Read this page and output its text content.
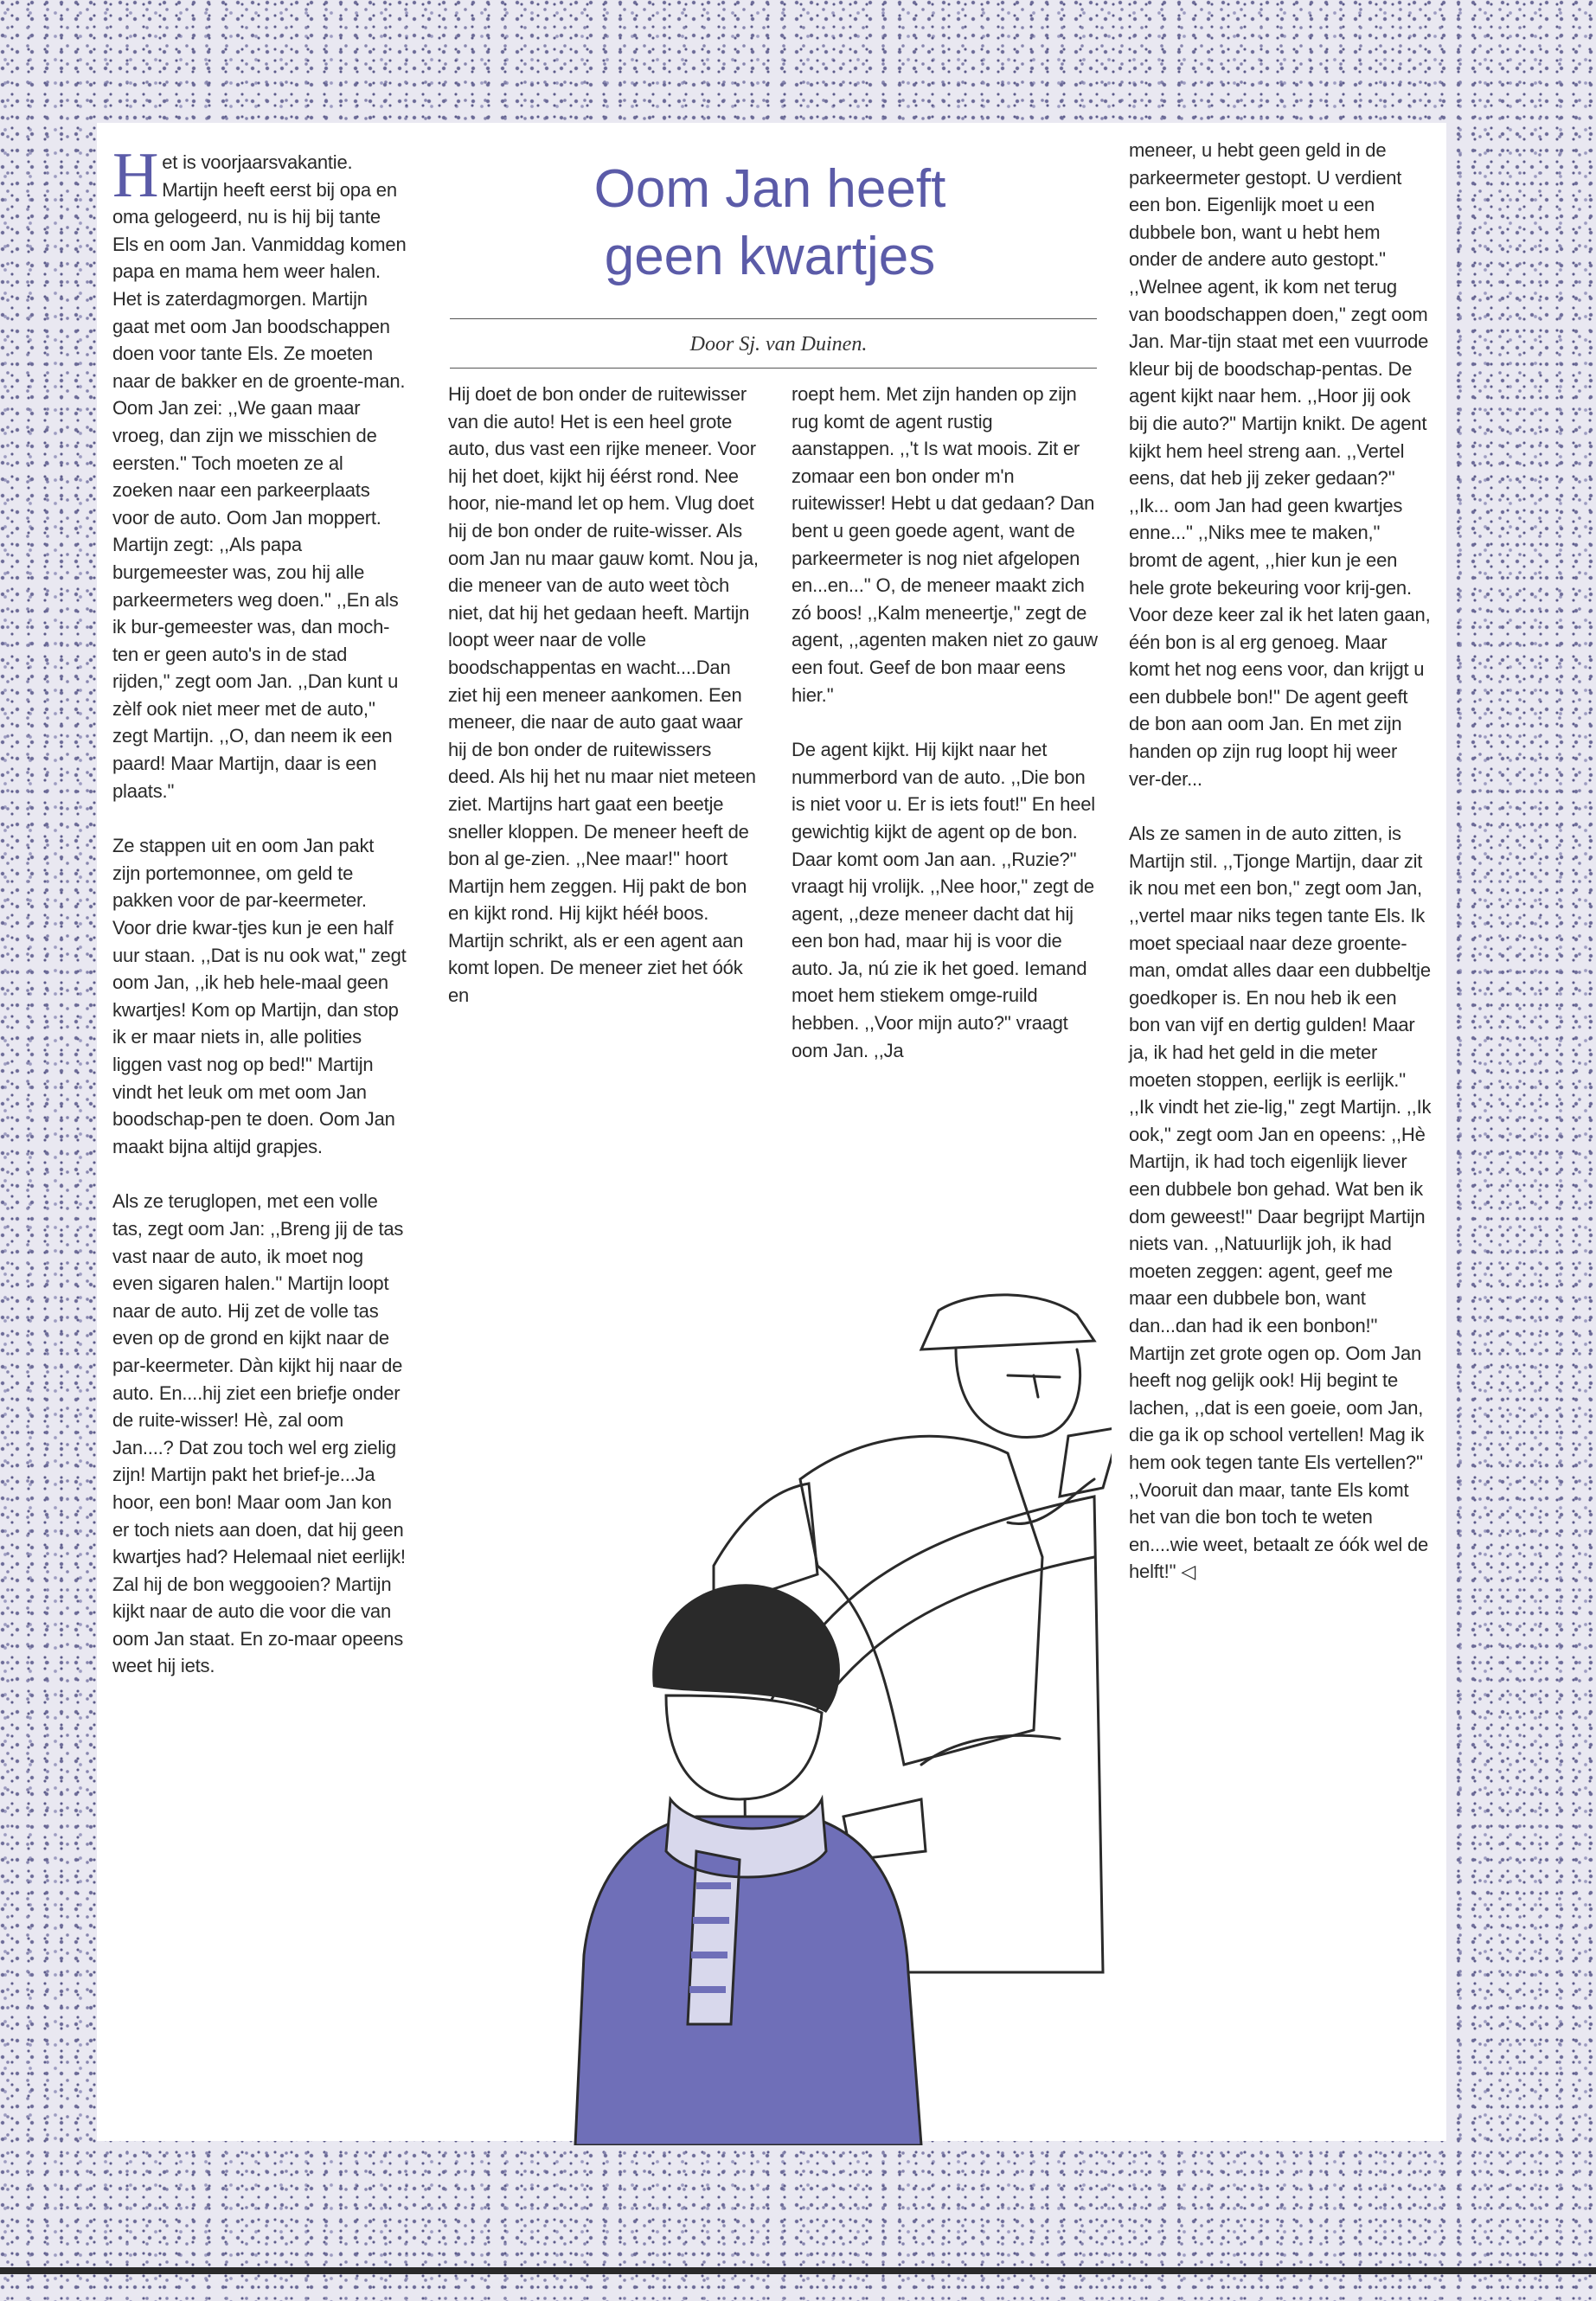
Het is voorjaarsvakantie. Martijn heeft eerst bij opa en oma gelogeerd, nu is hij bij tante Els en oom Jan. Vanmiddag komen papa en mama hem weer halen. Het is zaterdagmorgen. Martijn gaat met oom Jan boodschappen doen voor tante Els. Ze moeten naar de bakker en de groente-man. Oom Jan zei: ,,We gaan maar vroeg, dan zijn we misschien de eersten.'' Toch moeten ze al zoeken naar een parkeerplaats voor de auto. Oom Jan moppert. Martijn zegt: ,,Als papa burgemeester was, zou hij alle parkeermeters weg doen.'' ,,En als ik bur-gemeester was, dan moch-ten er geen auto's in de stad rijden,'' zegt oom Jan. ,,Dan kunt u zèlf ook niet meer met de auto,'' zegt Martijn. ,,O, dan neem ik een paard! Maar Martijn, daar is een plaats.''

Ze stappen uit en oom Jan pakt zijn portemonnee, om geld te pakken voor de par-keermeter. Voor drie kwar-tjes kun je een half uur staan. ,,Dat is nu ook wat,'' zegt oom Jan, ,,ik heb hele-maal geen kwartjes! Kom op Martijn, dan stop ik er maar niets in, alle polities liggen vast nog op bed!'' Martijn vindt het leuk om met oom Jan boodschap-pen te doen. Oom Jan maakt bijna altijd grapjes.

Als ze teruglopen, met een volle tas, zegt oom Jan: ,,Breng jij de tas vast naar de auto, ik moet nog even sigaren halen.'' Martijn loopt naar de auto. Hij zet de volle tas even op de grond en kijkt naar de par-keermeter. Dàn kijkt hij naar de auto. En....hij ziet een briefje onder de ruite-wisser! Hè, zal oom Jan....? Dat zou toch wel erg zielig zijn! Martijn pakt het brief-je...Ja hoor, een bon! Maar oom Jan kon er toch niets aan doen, dat hij geen kwartjes had? Helemaal niet eerlijk! Zal hij de bon weggooien? Martijn kijkt naar de auto die voor die van oom Jan staat. En zo-maar opeens weet hij iets.

Oom Jan heeft
geen kwartjes
Door Sj. van Duinen.

Hij doet de bon onder de ruitewisser van die auto! Het is een heel grote auto, dus vast een rijke meneer. Voor hij het doet, kijkt hij éérst rond. Nee hoor, nie-mand let op hem. Vlug doet hij de bon onder de ruite-wisser. Als oom Jan nu maar gauw komt. Nou ja, die meneer van de auto weet tòch niet, dat hij het gedaan heeft. Martijn loopt weer naar de volle boodschappentas en wacht....Dan ziet hij een meneer aankomen. Een meneer, die naar de auto gaat waar hij de bon onder de ruitewissers deed. Als hij het nu maar niet meteen ziet. Martijns hart gaat een beetje sneller kloppen. De meneer heeft de bon al ge-zien. ,,Nee maar!'' hoort Martijn hem zeggen. Hij pakt de bon en kijkt rond. Hij kijkt hééł boos. Martijn schrikt, als er een agent aan komt lopen. De meneer ziet het óók en

roept hem. Met zijn handen op zijn rug komt de agent rustig aanstappen. ,,'t Is wat moois. Zit er zomaar een bon onder m'n ruitewisser! Hebt u dat gedaan? Dan bent u geen goede agent, want de parkeermeter is nog niet afgelopen en...en...'' O, de meneer maakt zich zó boos! ,,Kalm meneertje,'' zegt de agent, ,,agenten maken niet zo gauw een fout. Geef de bon maar eens hier.''

De agent kijkt. Hij kijkt naar het nummerbord van de auto. ,,Die bon is niet voor u. Er is iets fout!'' En heel gewichtig kijkt de agent op de bon. Daar komt oom Jan aan. ,,Ruzie?'' vraagt hij vrolijk. ,,Nee hoor,'' zegt de agent, ,,deze meneer dacht dat hij een bon had, maar hij is voor die auto. Ja, nú zie ik het goed. Iemand moet hem stiekem omge-ruild hebben. ,,Voor mijn auto?'' vraagt oom Jan. ,,Ja

meneer, u hebt geen geld in de parkeermeter gestopt. U verdient een bon. Eigenlijk moet u een dubbele bon, want u hebt hem onder de andere auto gestopt.'' ,,Welnee agent, ik kom net terug van boodschappen doen,'' zegt oom Jan. Mar-tijn staat met een vuurrode kleur bij de boodschap-pentas. De agent kijkt naar hem. ,,Hoor jij ook bij die auto?'' Martijn knikt. De agent kijkt hem heel streng aan. ,,Vertel eens, dat heb jij zeker gedaan?'' ,,Ik... oom Jan had geen kwartjes enne...'' ,,Niks mee te maken,'' bromt de agent, ,,hier kun je een hele grote bekeuring voor krij-gen. Voor deze keer zal ik het laten gaan, één bon is al erg genoeg. Maar komt het nog eens voor, dan krijgt u een dubbele bon!'' De agent geeft de bon aan oom Jan. En met zijn handen op zijn rug loopt hij weer ver-der...

Als ze samen in de auto zitten, is Martijn stil. ,,Tjonge Martijn, daar zit ik nou met een bon,'' zegt oom Jan, ,,vertel maar niks tegen tante Els. Ik moet speciaal naar deze groente-man, omdat alles daar een dubbeltje goedkoper is. En nou heb ik een bon van vijf en dertig gulden! Maar ja, ik had het geld in die meter moeten stoppen, eerlijk is eerlijk.'' ,,Ik vindt het zie-lig,'' zegt Martijn. ,,Ik ook,'' zegt oom Jan en opeens: ,,Hè Martijn, ik had toch eigenlijk liever een dubbele bon gehad. Wat ben ik dom geweest!'' Daar begrijpt Martijn niets van. ,,Natuurlijk joh, ik had moeten zeggen: agent, geef me maar een dubbele bon, want dan...dan had ik een bonbon!'' Martijn zet grote ogen op. Oom Jan heeft nog gelijk ook! Hij begint te lachen, ,,dat is een goeie, oom Jan, die ga ik op school vertellen! Mag ik hem ook tegen tante Els vertellen?'' ,,Vooruit dan maar, tante Els komt het van die bon toch te weten en....wie weet, betaalt ze óók wel de helft!'' ◁
